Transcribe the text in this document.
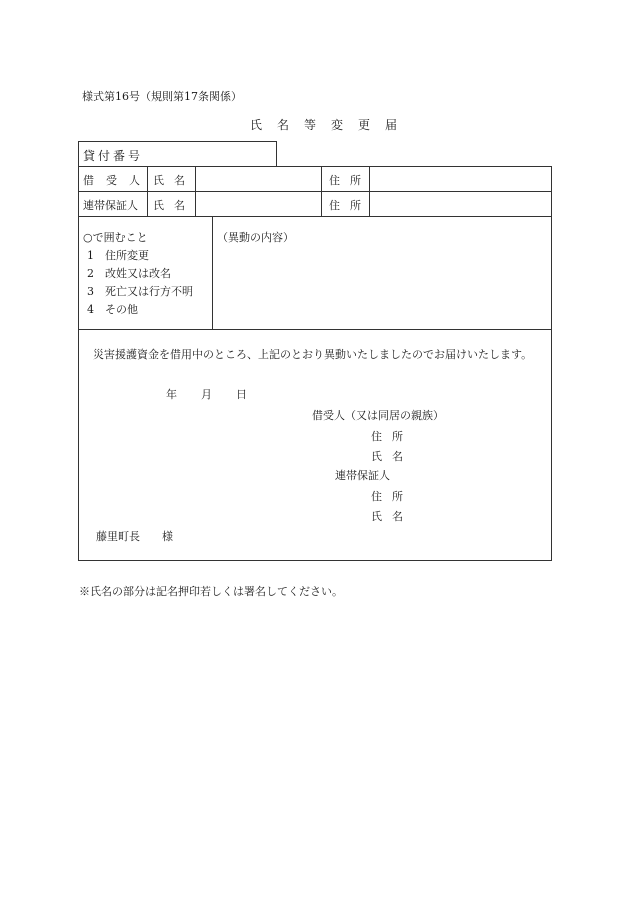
様式第16号（規則第17条関係）
氏名等変更届
貸付番号
借受人 氏名	住所
連帯保証人 氏名	住所
○で囲むこと
1　住所変更
2　改姓又は改名
3　死亡又は行方不明
4　その他
（異動の内容）
災害援護資金を借用中のところ、上記のとおり異動いたしましたのでお届けいたします。
年 月 日
借受人（又は同居の親族）
住所
氏名
連帯保証人
住所
氏名
藤里町長　　様
※氏名の部分は記名押印若しくは署名してください。
